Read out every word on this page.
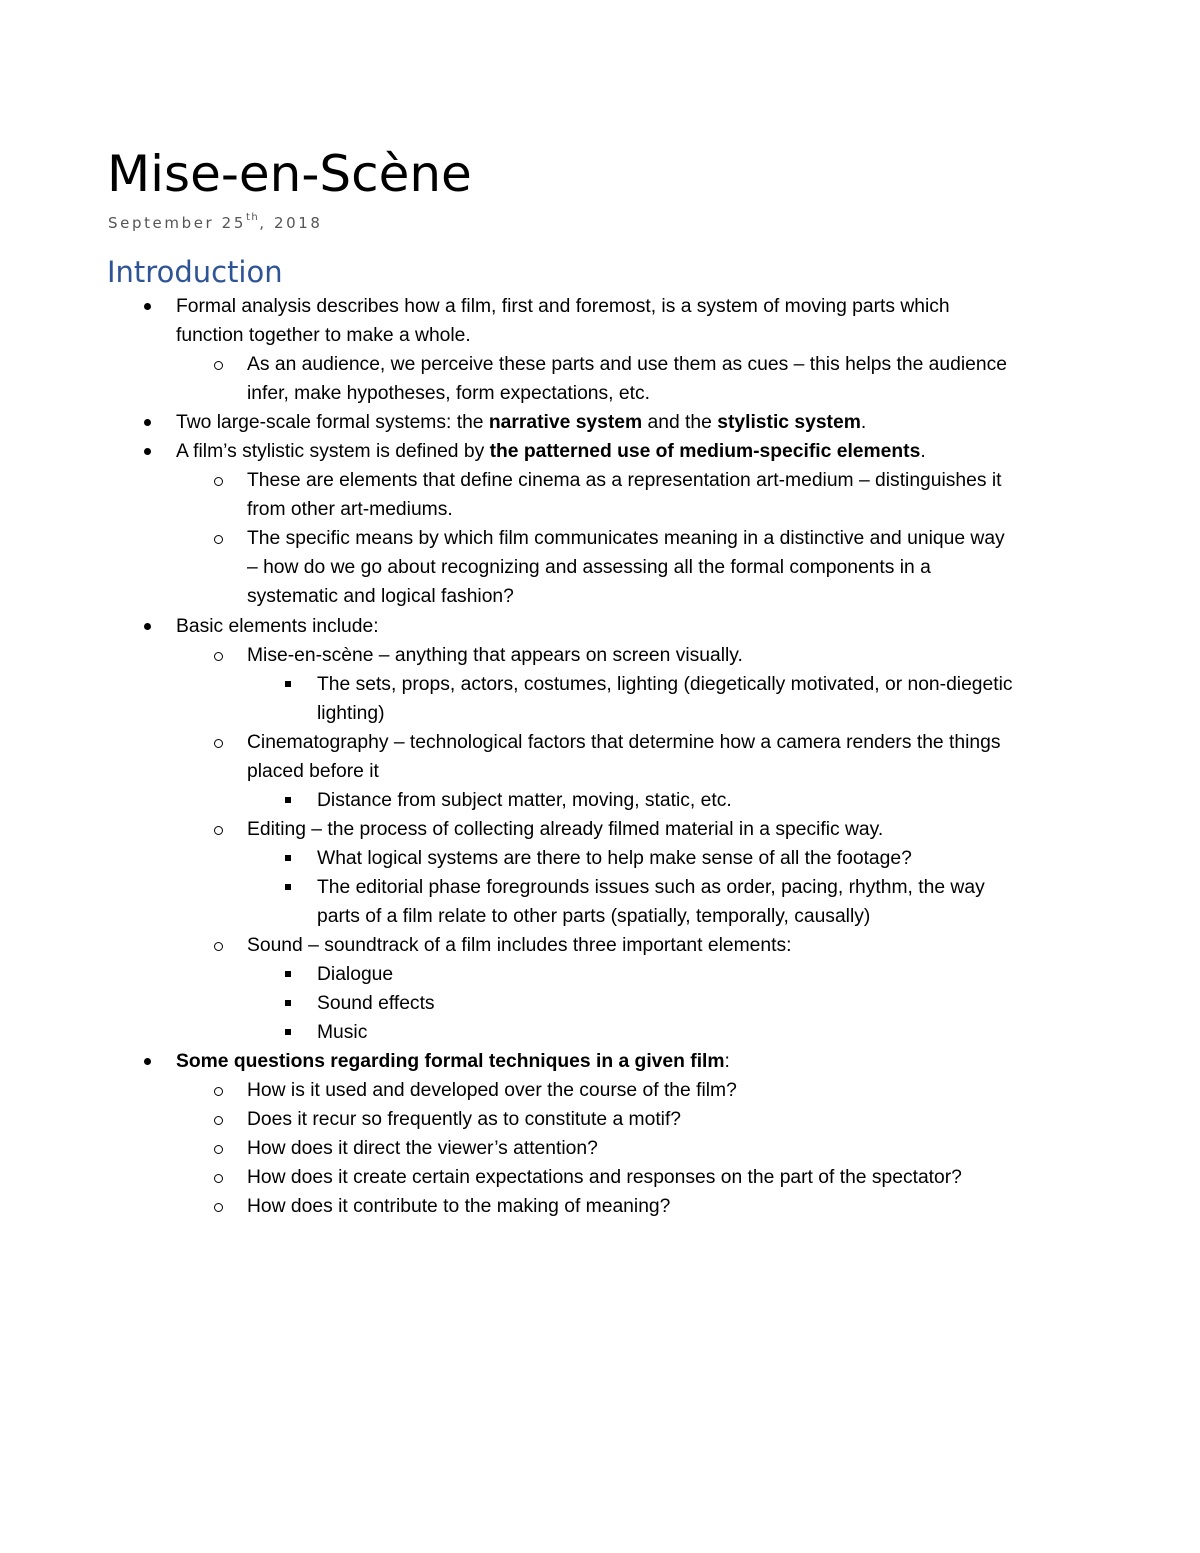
Mise-en-Scène
September 25th, 2018
Introduction
Formal analysis describes how a film, first and foremost, is a system of moving parts which
function together to make a whole.
As an audience, we perceive these parts and use them as cues – this helps the audience
infer, make hypotheses, form expectations, etc.
Two large-scale formal systems: the narrative system and the stylistic system.
A film’s stylistic system is defined by the patterned use of medium-specific elements.
These are elements that define cinema as a representation art-medium – distinguishes it
from other art-mediums.
The specific means by which film communicates meaning in a distinctive and unique way
– how do we go about recognizing and assessing all the formal components in a
systematic and logical fashion?
Basic elements include:
Mise-en-scène – anything that appears on screen visually.
The sets, props, actors, costumes, lighting (diegetically motivated, or non-diegetic
lighting)
Cinematography – technological factors that determine how a camera renders the things
placed before it
Distance from subject matter, moving, static, etc.
Editing – the process of collecting already filmed material in a specific way.
What logical systems are there to help make sense of all the footage?
The editorial phase foregrounds issues such as order, pacing, rhythm, the way
parts of a film relate to other parts (spatially, temporally, causally)
Sound – soundtrack of a film includes three important elements:
Dialogue
Sound effects
Music
Some questions regarding formal techniques in a given film:
How is it used and developed over the course of the film?
Does it recur so frequently as to constitute a motif?
How does it direct the viewer’s attention?
How does it create certain expectations and responses on the part of the spectator?
How does it contribute to the making of meaning?
